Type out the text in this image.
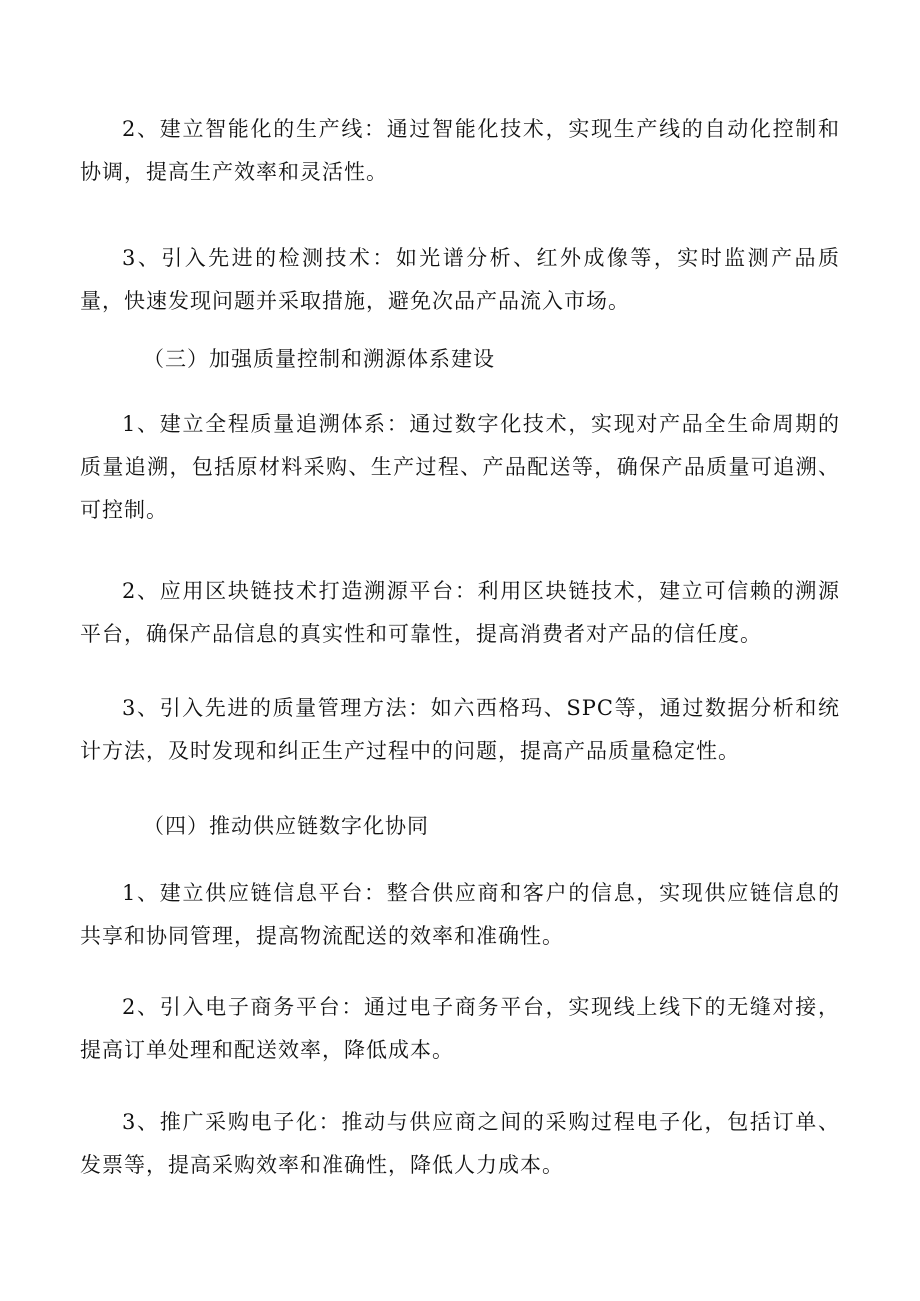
2、建立智能化的生产线：通过智能化技术，实现生产线的自动化控制和协调，提高生产效率和灵活性。

3、引入先进的检测技术：如光谱分析、红外成像等，实时监测产品质量，快速发现问题并采取措施，避免次品产品流入市场。

（三）加强质量控制和溯源体系建设

1、建立全程质量追溯体系：通过数字化技术，实现对产品全生命周期的质量追溯，包括原材料采购、生产过程、产品配送等，确保产品质量可追溯、可控制。

2、应用区块链技术打造溯源平台：利用区块链技术，建立可信赖的溯源平台，确保产品信息的真实性和可靠性，提高消费者对产品的信任度。

3、引入先进的质量管理方法：如六西格玛、SPC等，通过数据分析和统计方法，及时发现和纠正生产过程中的问题，提高产品质量稳定性。

（四）推动供应链数字化协同

1、建立供应链信息平台：整合供应商和客户的信息，实现供应链信息的共享和协同管理，提高物流配送的效率和准确性。

2、引入电子商务平台：通过电子商务平台，实现线上线下的无缝对接，提高订单处理和配送效率，降低成本。

3、推广采购电子化：推动与供应商之间的采购过程电子化，包括订单、发票等，提高采购效率和准确性，降低人力成本。
